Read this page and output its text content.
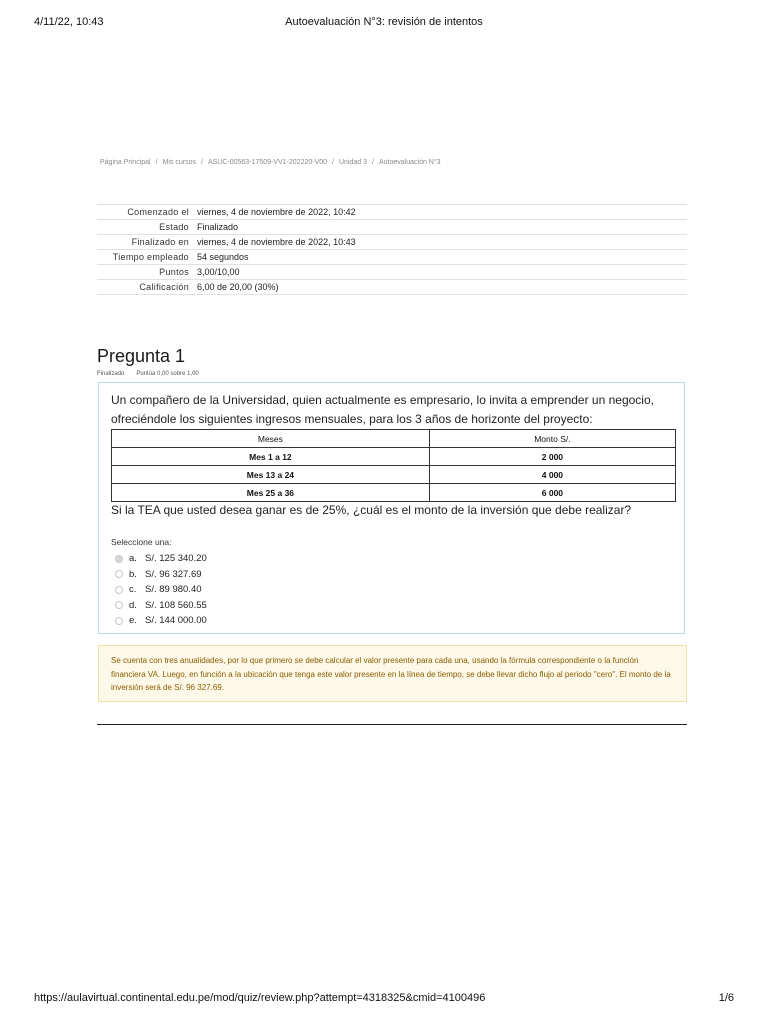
4/11/22, 10:43	Autoevaluación N°3: revisión de intentos
Página Principal / Mis cursos / ASUC-00563-17509-VV1-202220-V00 / Unidad 3 / Autoevaluación N°3
Comenzado el	viernes, 4 de noviembre de 2022, 10:42
Estado	Finalizado
Finalizado en	viernes, 4 de noviembre de 2022, 10:43
Tiempo empleado	54 segundos
Puntos	3,00/10,00
Calificación	6,00 de 20,00 (30%)
Pregunta 1
Finalizado Puntúa 0,00 sobre 1,00
Un compañero de la Universidad, quien actualmente es empresario, lo invita a emprender un negocio, ofreciéndole los siguientes ingresos mensuales, para los 3 años de horizonte del proyecto:
Meses	Monto S/.
Mes 1 a 12	2 000
Mes 13 a 24	4 000
Mes 25 a 36	6 000
Si la TEA que usted desea ganar es de 25%, ¿cuál es el monto de la inversión que debe realizar?
Seleccione una:
a. S/. 125 340.20
b. S/. 96 327.69
c. S/. 89 980.40
d. S/. 108 560.55
e. S/. 144 000.00
Se cuenta con tres anualidades, por lo que primero se debe calcular el valor presente para cada una, usando la fórmula correspondiente o la función financiera VA. Luego, en función a la ubicación que tenga este valor presente en la línea de tiempo, se debe llevar dicho flujo al periodo "cero". El monto de la inversión será de S/. 96 327.69.
https://aulavirtual.continental.edu.pe/mod/quiz/review.php?attempt=4318325&cmid=4100496	1/6
